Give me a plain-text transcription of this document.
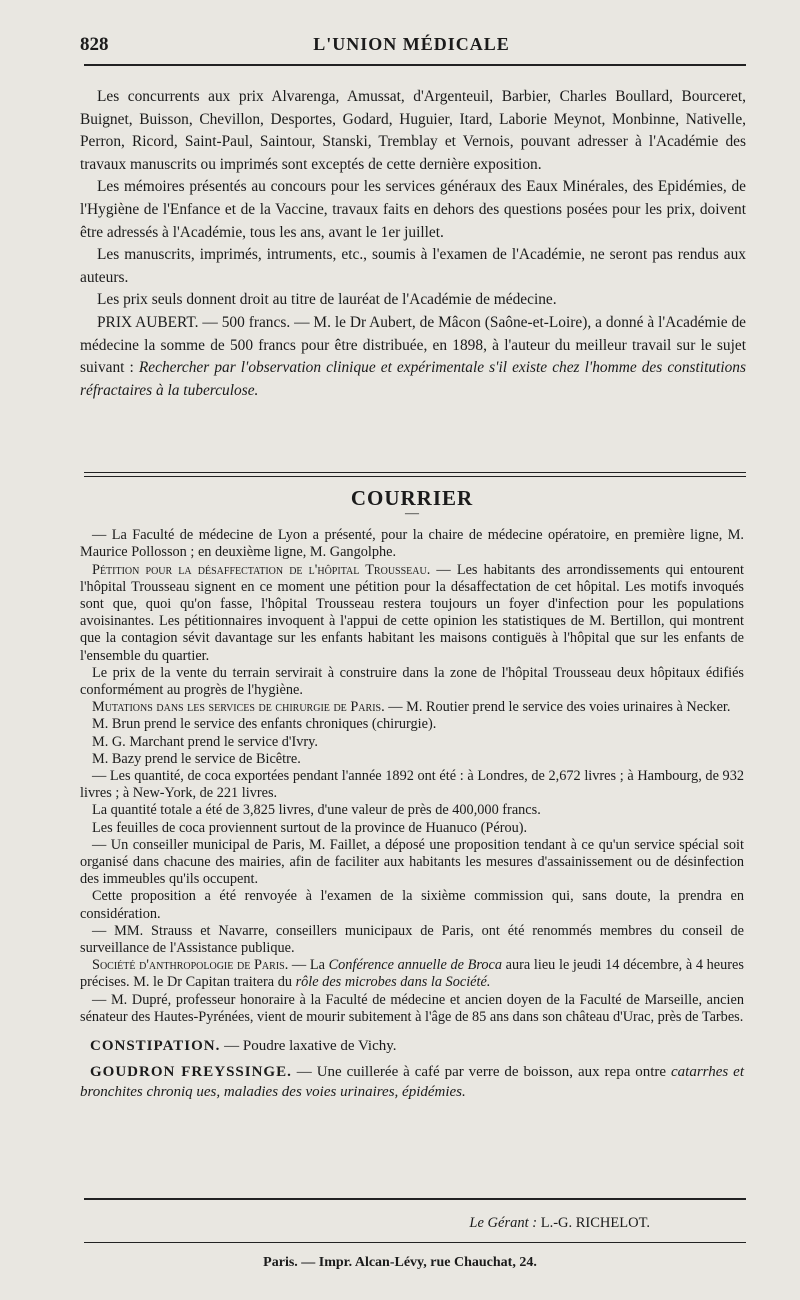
828	L'UNION MÉDICALE

Les concurrents aux prix Alvarenga, Amussat, d'Argenteuil, Barbier, Charles Boullard, Bourceret, Buignet, Buisson, Chevillon, Desportes, Godard, Huguier, Itard, Laborie Meynot, Monbinne, Nativelle, Perron, Ricord, Saint-Paul, Saintour, Stanski, Tremblay et Vernois, pouvant adresser à l'Académie des travaux manuscrits ou imprimés sont exceptés de cette dernière exposition.

Les mémoires présentés au concours pour les services généraux des Eaux Minérales, des Epidémies, de l'Hygiène de l'Enfance et de la Vaccine, travaux faits en dehors des questions posées pour les prix, doivent être adressés à l'Académie, tous les ans, avant le 1er juillet.

Les manuscrits, imprimés, intruments, etc., soumis à l'examen de l'Académie, ne seront pas rendus aux auteurs.

Les prix seuls donnent droit au titre de lauréat de l'Académie de médecine.

PRIX AUBERT. — 500 francs. — M. le Dr Aubert, de Mâcon (Saône-et-Loire), a donné à l'Académie de médecine la somme de 500 francs pour être distribuée, en 1898, à l'auteur du meilleur travail sur le sujet suivant : Rechercher par l'observation clinique et expérimentale s'il existe chez l'homme des constitutions réfractaires à la tuberculose.

COURRIER
—

— La Faculté de médecine de Lyon a présenté, pour la chaire de médecine opératoire, en première ligne, M. Maurice Pollosson ; en deuxième ligne, M. Gangolphe.

Pétition pour la désaffectation de l'hôpital Trousseau. — Les habitants des arrondissements qui entourent l'hôpital Trousseau signent en ce moment une pétition pour la désaffectation de cet hôpital. Les motifs invoqués sont que, quoi qu'on fasse, l'hôpital Trousseau restera toujours un foyer d'infection pour les populations avoisinantes. Les pétitionnaires invoquent à l'appui de cette opinion les statistiques de M. Bertillon, qui montrent que la contagion sévit davantage sur les enfants habitant les maisons contiguës à l'hôpital que sur les enfants de l'ensemble du quartier.

Le prix de la vente du terrain servirait à construire dans la zone de l'hôpital Trousseau deux hôpitaux édifiés conformément au progrès de l'hygiène.

Mutations dans les services de chirurgie de Paris. — M. Routier prend le service des voies urinaires à Necker.

M. Brun prend le service des enfants chroniques (chirurgie).

M. G. Marchant prend le service d'Ivry.

M. Bazy prend le service de Bicêtre.

— Les quantité, de coca exportées pendant l'année 1892 ont été : à Londres, de 2,672 livres ; à Hambourg, de 932 livres ; à New-York, de 221 livres.

La quantité totale a été de 3,825 livres, d'une valeur de près de 400,000 francs.

Les feuilles de coca proviennent surtout de la province de Huanuco (Pérou).

— Un conseiller municipal de Paris, M. Faillet, a déposé une proposition tendant à ce qu'un service spécial soit organisé dans chacune des mairies, afin de faciliter aux habitants les mesures d'assainissement ou de désinfection des immeubles qu'ils occupent.

Cette proposition a été renvoyée à l'examen de la sixième commission qui, sans doute, la prendra en considération.

— MM. Strauss et Navarre, conseillers municipaux de Paris, ont été renommés membres du conseil de surveillance de l'Assistance publique.

Société d'anthropologie de Paris. — La Conférence annuelle de Broca aura lieu le jeudi 14 décembre, à 4 heures précises. M. le Dr Capitan traitera du rôle des microbes dans la Société.

— M. Dupré, professeur honoraire à la Faculté de médecine et ancien doyen de la Faculté de Marseille, ancien sénateur des Hautes-Pyrénées, vient de mourir subitement à l'âge de 85 ans dans son château d'Urac, près de Tarbes.

CONSTIPATION. — Poudre laxative de Vichy.

GOUDRON FREYSSINGE. — Une cuillerée à café par verre de boisson, aux repa ontre catarrhes et bronchites chroniq ues, maladies des voies urinaires, épidémies.

Le Gérant : L.-G. RICHELOT.
Paris. — Impr. Alcan-Lévy, rue Chauchat, 24.
